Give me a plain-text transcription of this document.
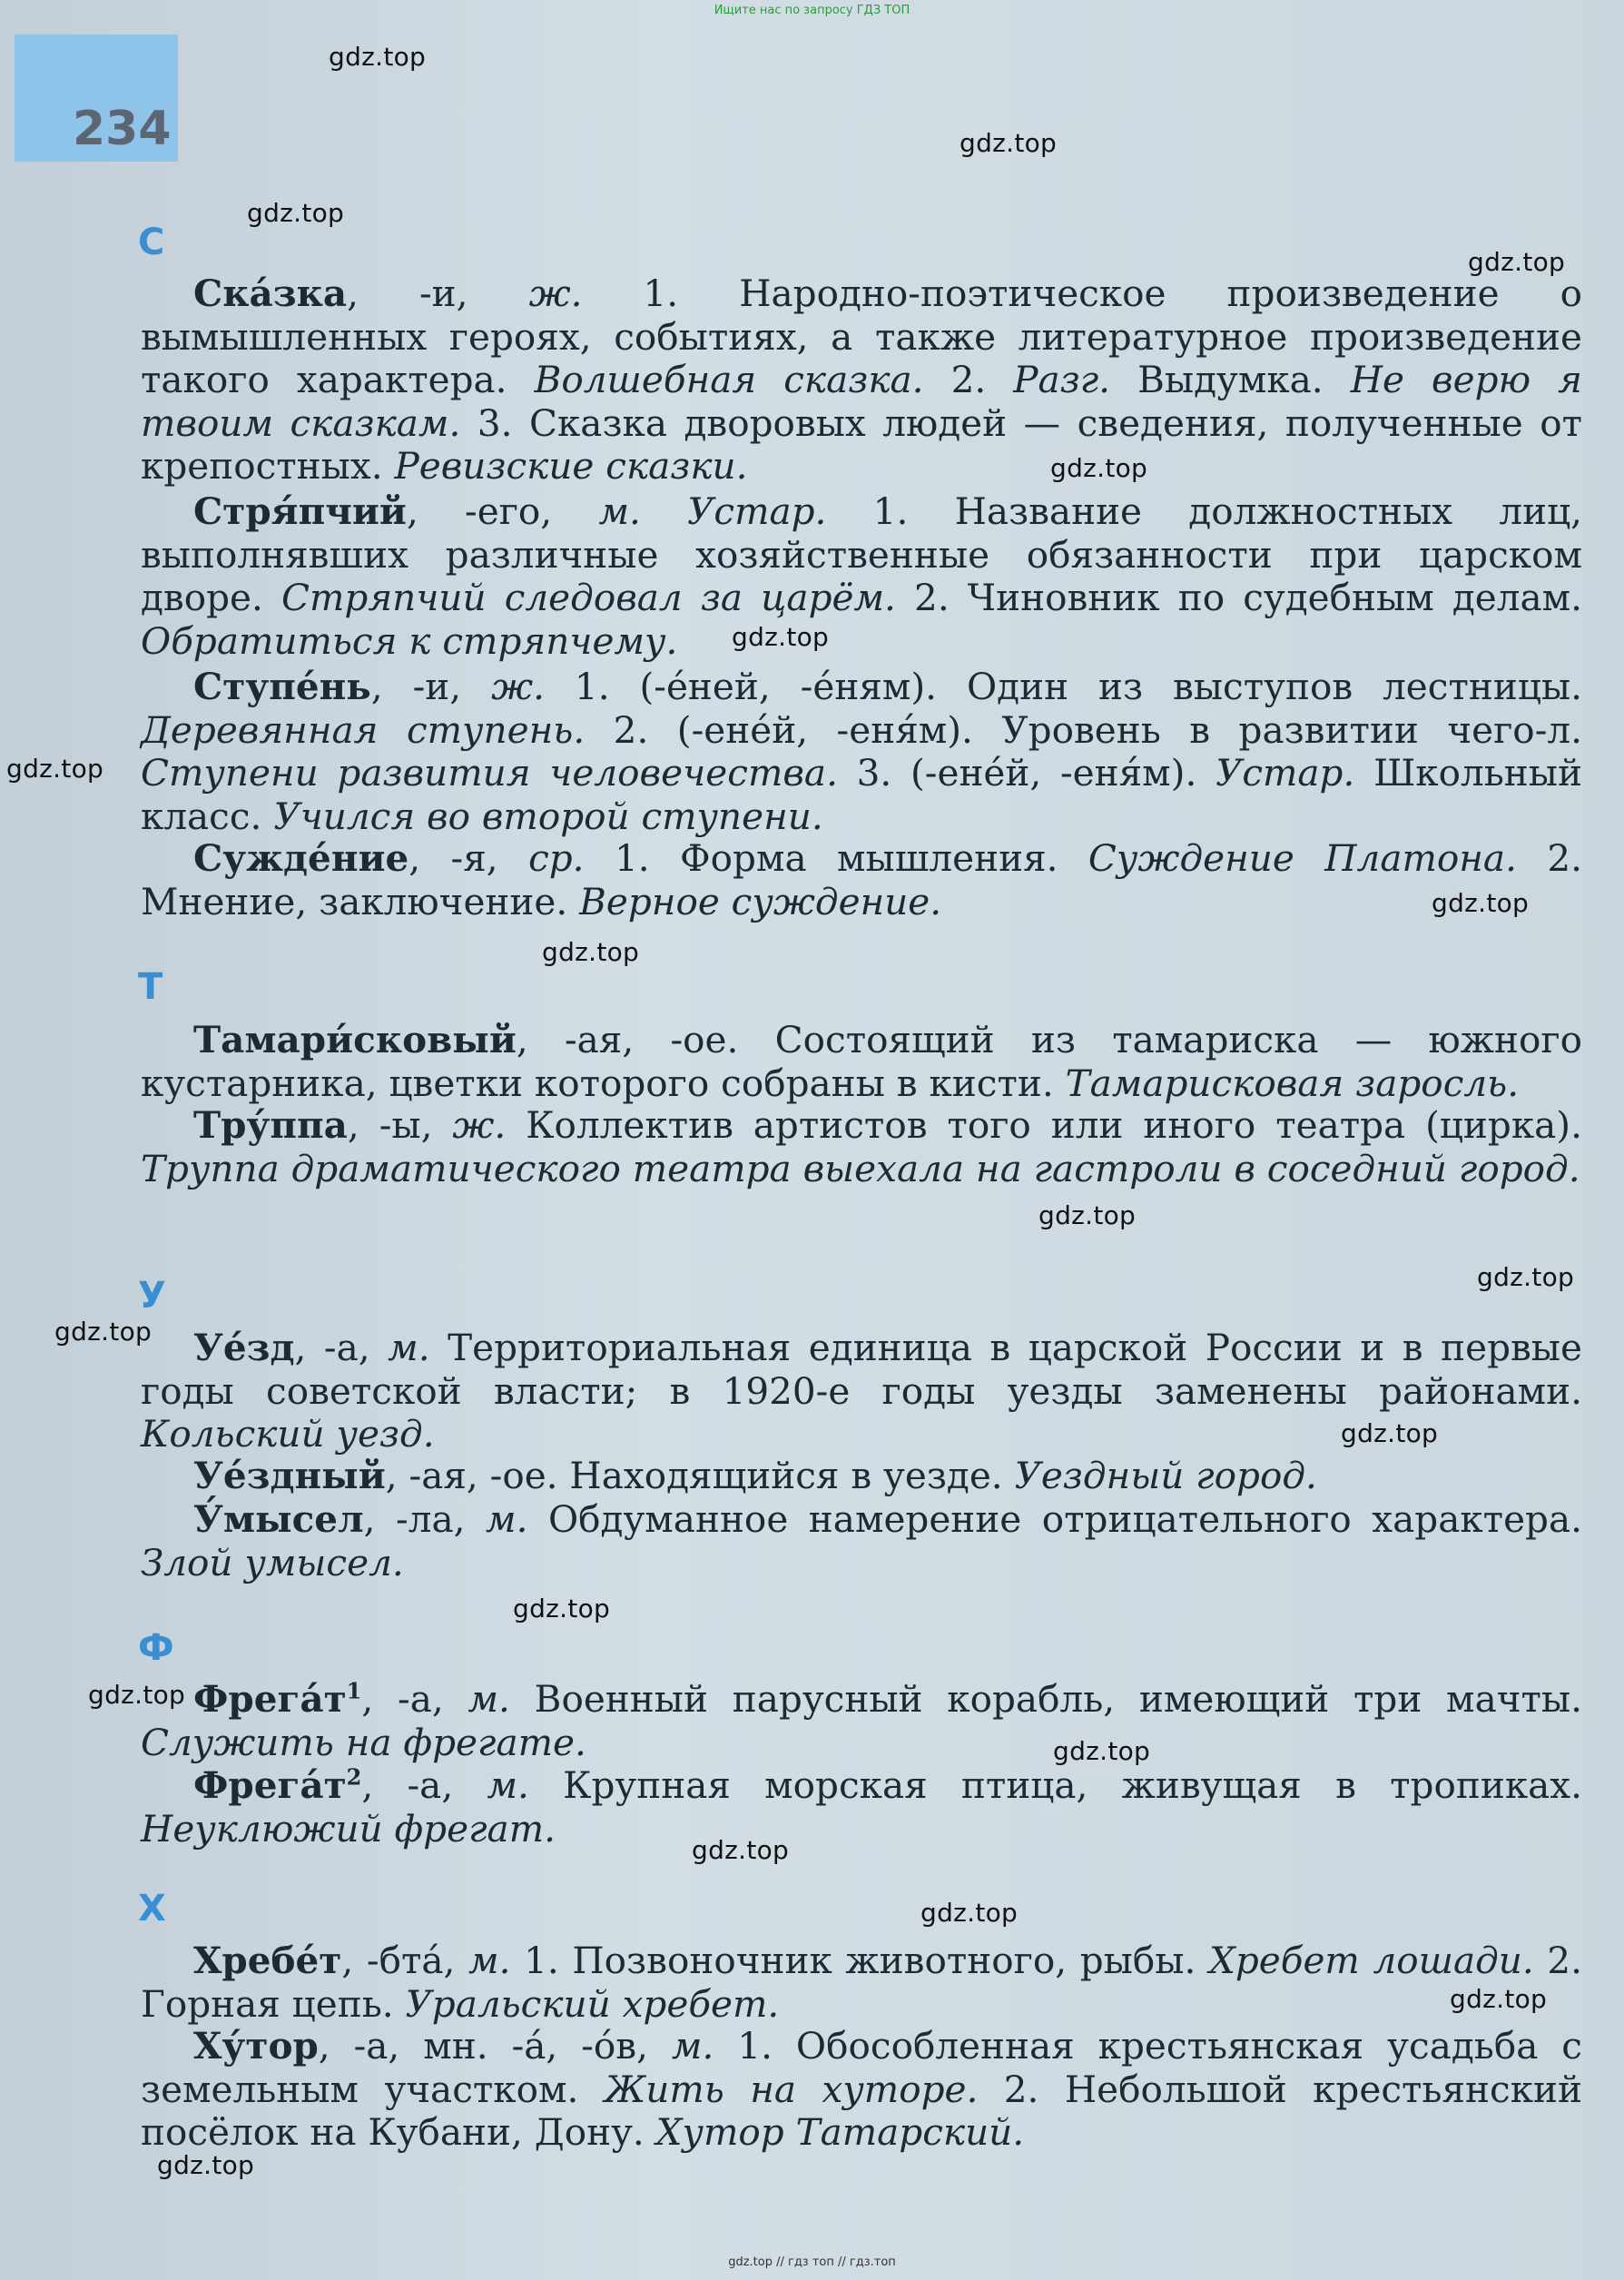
Ищите нас по запросу ГДЗ ТОП
234
gdz.top
gdz.top
gdz.top
gdz.top
gdz.top
gdz.top
gdz.top
gdz.top
gdz.top
gdz.top
gdz.top
gdz.top
gdz.top
gdz.top
gdz.top
gdz.top
gdz.top
gdz.top
gdz.top
gdz.top
С
Ска́зка, -и, ж. 1. Народно-поэтическое произведение о вымышленных героях, событиях, а также литературное произведение такого характера. Волшебная сказка. 2. Разг. Выдумка. Не верю я твоим сказкам. 3. Сказка дворовых людей — сведения, полученные от крепостных. Ревизские сказки.
Стря́пчий, -его, м. Устар. 1. Название должностных лиц, выполнявших различные хозяйственные обязанности при царском дворе. Стряпчий следовал за царём. 2. Чиновник по судебным делам. Обратиться к стряпчему.
Ступе́нь, -и, ж. 1. (-е́ней, -е́ням). Один из выступов лестницы. Деревянная ступень. 2. (-ене́й, -еня́м). Уровень в развитии чего-л. Ступени развития человечества. 3. (-ене́й, -еня́м). Устар. Школьный класс. Учился во второй ступени.
Сужде́ние, -я, ср. 1. Форма мышления. Суждение Платона. 2. Мнение, заключение. Верное суждение.
Т
Тамари́сковый, -ая, -ое. Состоящий из тамариска — южного кустарника, цветки которого собраны в кисти. Тамарисковая заросль.
Тру́ппа, -ы, ж. Коллектив артистов того или иного театра (цирка). Труппа драматического театра выехала на гастроли в соседний город.
У
Уе́зд, -а, м. Территориальная единица в царской России и в первые годы советской власти; в 1920-е годы уезды заменены районами. Кольский уезд.
Уе́здный, -ая, -ое. Находящийся в уезде. Уездный город.
У́мысел, -ла, м. Обдуманное намерение отрицательного характера. Злой умысел.
Ф
$Фрега́т^1$, -а, м. Военный парусный корабль, имеющий три мачты. Служить на фрегате.
$Фрега́т^2$, -а, м. Крупная морская птица, живущая в тропиках. Неуклюжий фрегат.
Х
Хребе́т, -бта́, м. 1. Позвоночник животного, рыбы. Хребет лошади. 2. Горная цепь. Уральский хребет.
Ху́тор, -а, мн. -а́, -о́в, м. 1. Обособленная крестьянская усадьба с земельным участком. Жить на хуторе. 2. Небольшой крестьянский посёлок на Кубани, Дону. Хутор Татарский.
gdz.top // гдз топ // гдз.топ
